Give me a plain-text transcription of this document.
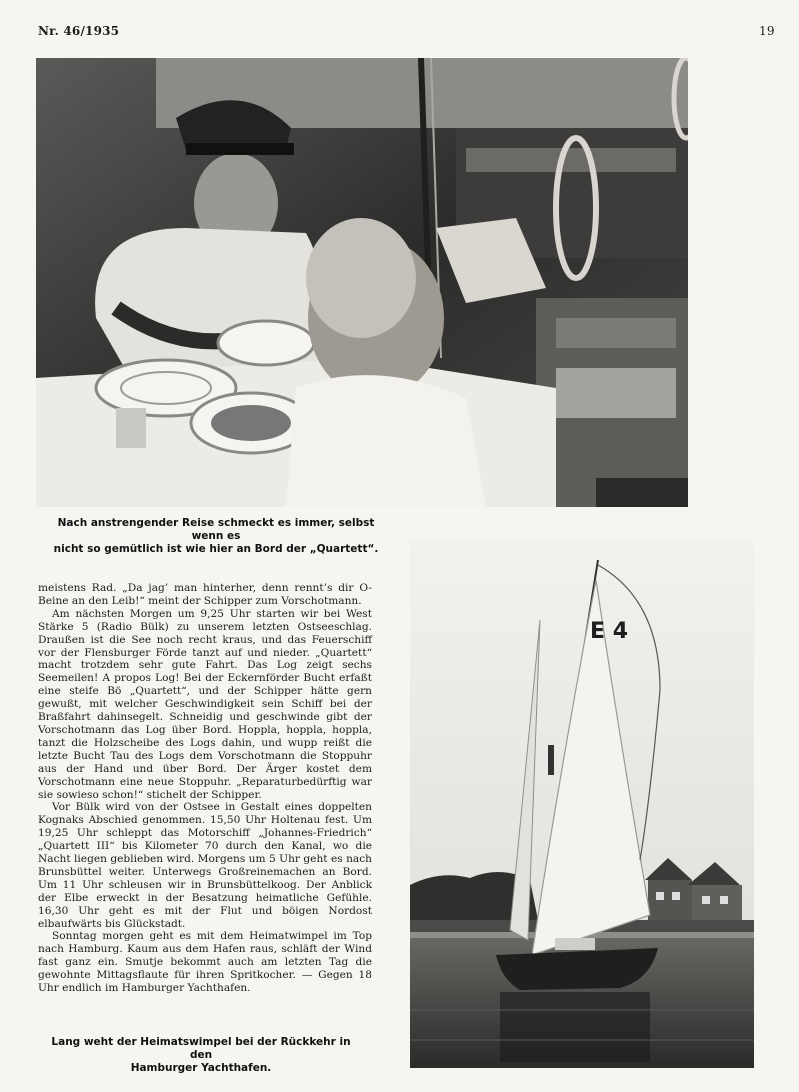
Nr. 46/1935	19
Nach anstrengender Reise schmeckt es immer, selbst wenn es
nicht so gemütlich ist wie hier an Bord der „Quartett“.

meistens Rad. „Da jag’ man hinterher, denn rennt’s dir O-Beine an den Leib!“ meint der Schipper zum Vorschotmann.

Am nächsten Morgen um 9,25 Uhr starten wir bei West Stärke 5 (Radio Bülk) zu unserem letzten Ostseeschlag. Draußen ist die See noch recht kraus, und das Feuerschiff vor der Flensburger Förde tanzt auf und nieder. „Quartett“ macht trotzdem sehr gute Fahrt. Das Log zeigt sechs Seemeilen! A propos Log! Bei der Eckernförder Bucht erfaßt eine steife Bö „Quartett“, und der Schipper hätte gern gewußt, mit welcher Geschwindigkeit sein Schiff bei der Braßfahrt dahinsegelt. Schneidig und geschwinde gibt der Vorschotmann das Log über Bord. Hoppla, hoppla, hoppla, tanzt die Holzscheibe des Logs dahin, und wupp reißt die letzte Bucht Tau des Logs dem Vorschotmann die Stoppuhr aus der Hand und über Bord. Der Ärger kostet dem Vorschotmann eine neue Stoppuhr. „Reparaturbedürftig war sie sowieso schon!“ stichelt der Schipper.

Vor Bülk wird von der Ostsee in Gestalt eines doppelten Kognaks Abschied genommen. 15,50 Uhr Holtenau fest. Um 19,25 Uhr schleppt das Motorschiff „Johannes-Friedrich“ „Quartett III“ bis Kilometer 70 durch den Kanal, wo die Nacht liegen geblieben wird. Morgens um 5 Uhr geht es nach Brunsbüttel weiter. Unterwegs Großreinemachen an Bord. Um 11 Uhr schleusen wir in Brunsbüttelkoog. Der Anblick der Elbe erweckt in der Besatzung heimatliche Gefühle. 16,30 Uhr geht es mit der Flut und böigen Nordost elbaufwärts bis Glückstadt.

Sonntag morgen geht es mit dem Heimatwimpel im Top nach Hamburg. Kaum aus dem Hafen raus, schläft der Wind fast ganz ein. Smutje bekommt auch am letzten Tag die gewohnte Mittagsflaute für ihren Spritkocher. — Gegen 18 Uhr endlich im Hamburger Yachthafen.

E 4
Lang weht der Heimatswimpel bei der Rückkehr in den
Hamburger Yachthafen.
